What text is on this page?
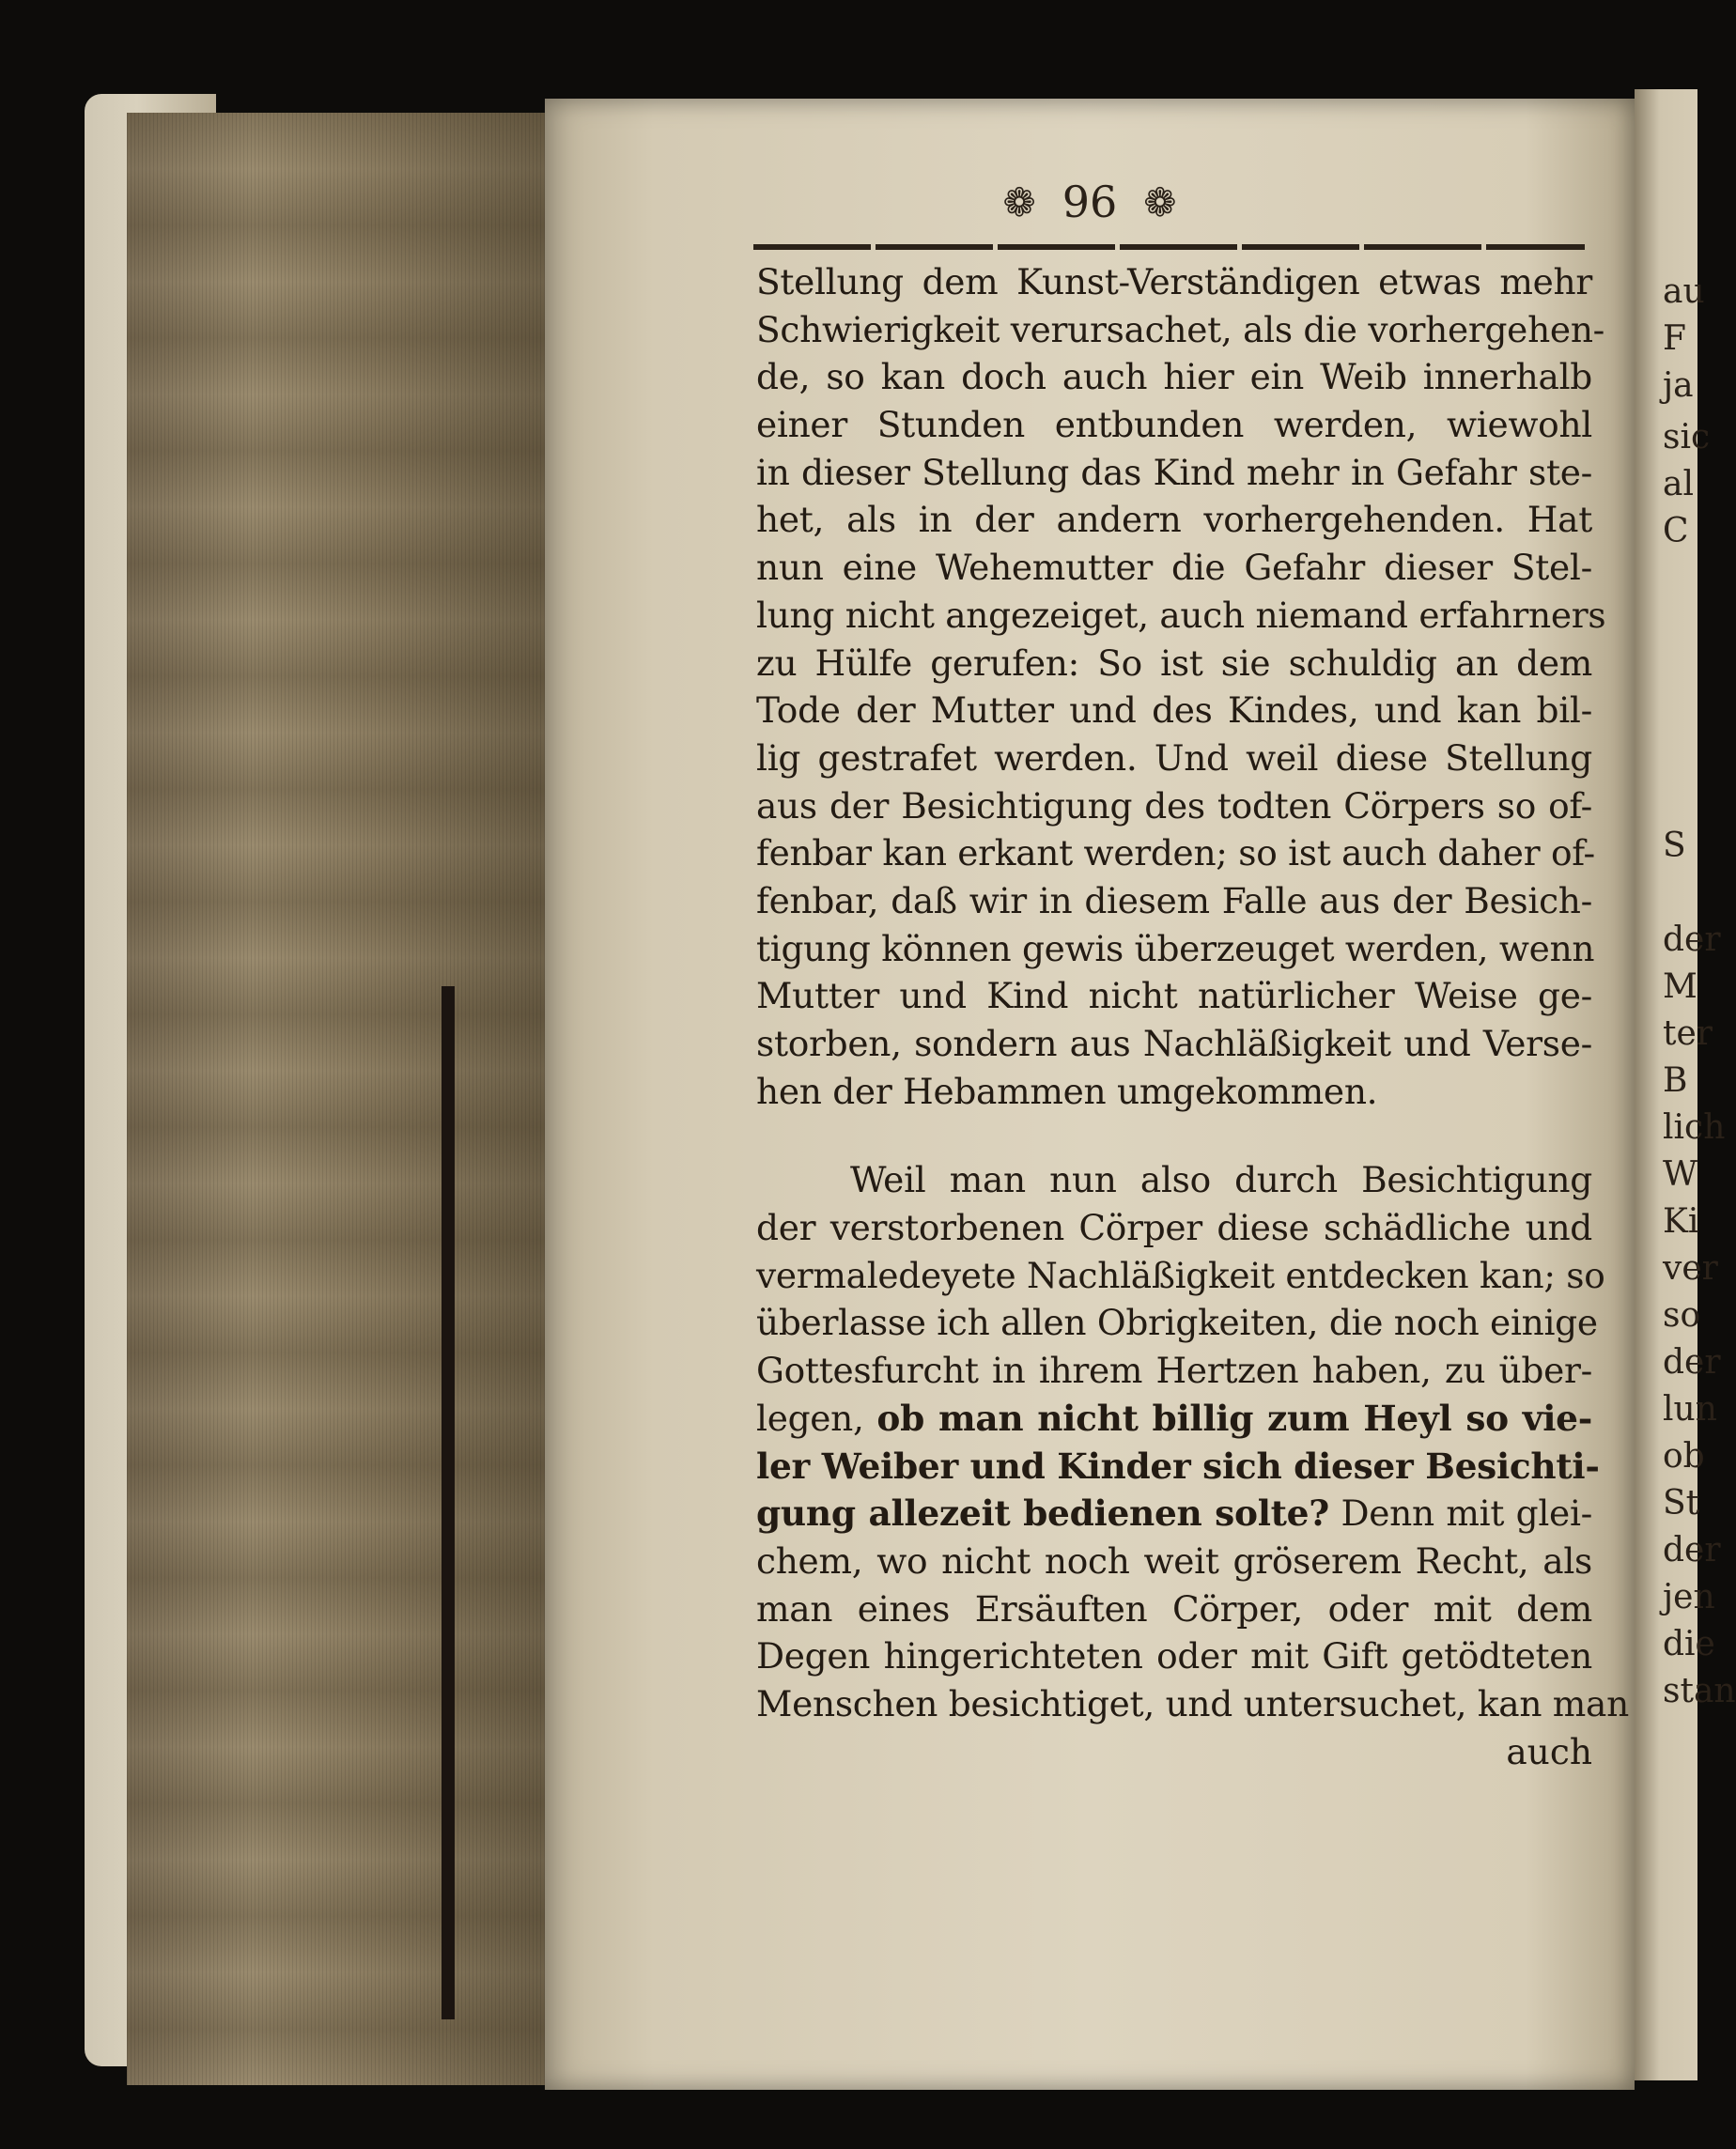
au
F
ja
sic
al
C
S
der
M
ter
B
lich
W
Ki
ver
so
der
lun
ob
St
der
jen
die
stan
❁ 96 ❁
Stellung dem Kunst-Verständigen etwas mehr
Schwierigkeit verursachet, als die vorhergehen-
de, so kan doch auch hier ein Weib innerhalb
einer Stunden entbunden werden, wiewohl
in dieser Stellung das Kind mehr in Gefahr ste-
het, als in der andern vorhergehenden. Hat
nun eine Wehemutter die Gefahr dieser Stel-
lung nicht angezeiget, auch niemand erfahrners
zu Hülfe gerufen: So ist sie schuldig an dem
Tode der Mutter und des Kindes, und kan bil-
lig gestrafet werden. Und weil diese Stellung
aus der Besichtigung des todten Cörpers so of-
fenbar kan erkant werden; so ist auch daher of-
fenbar, daß wir in diesem Falle aus der Besich-
tigung können gewis überzeuget werden, wenn
Mutter und Kind nicht natürlicher Weise ge-
storben, sondern aus Nachläßigkeit und Verse-
hen der Hebammen umgekommen.
Weil man nun also durch Besichtigung
der verstorbenen Cörper diese schädliche und
vermaledeyete Nachläßigkeit entdecken kan; so
überlasse ich allen Obrigkeiten, die noch einige
Gottesfurcht in ihrem Hertzen haben, zu über-
legen, ob man nicht billig zum Heyl so vie-
ler Weiber und Kinder sich dieser Besichti-
gung allezeit bedienen solte? Denn mit glei-
chem, wo nicht noch weit gröserem Recht, als
man eines Ersäuften Cörper, oder mit dem
Degen hingerichteten oder mit Gift getödteten
Menschen besichtiget, und untersuchet, kan man
auch
